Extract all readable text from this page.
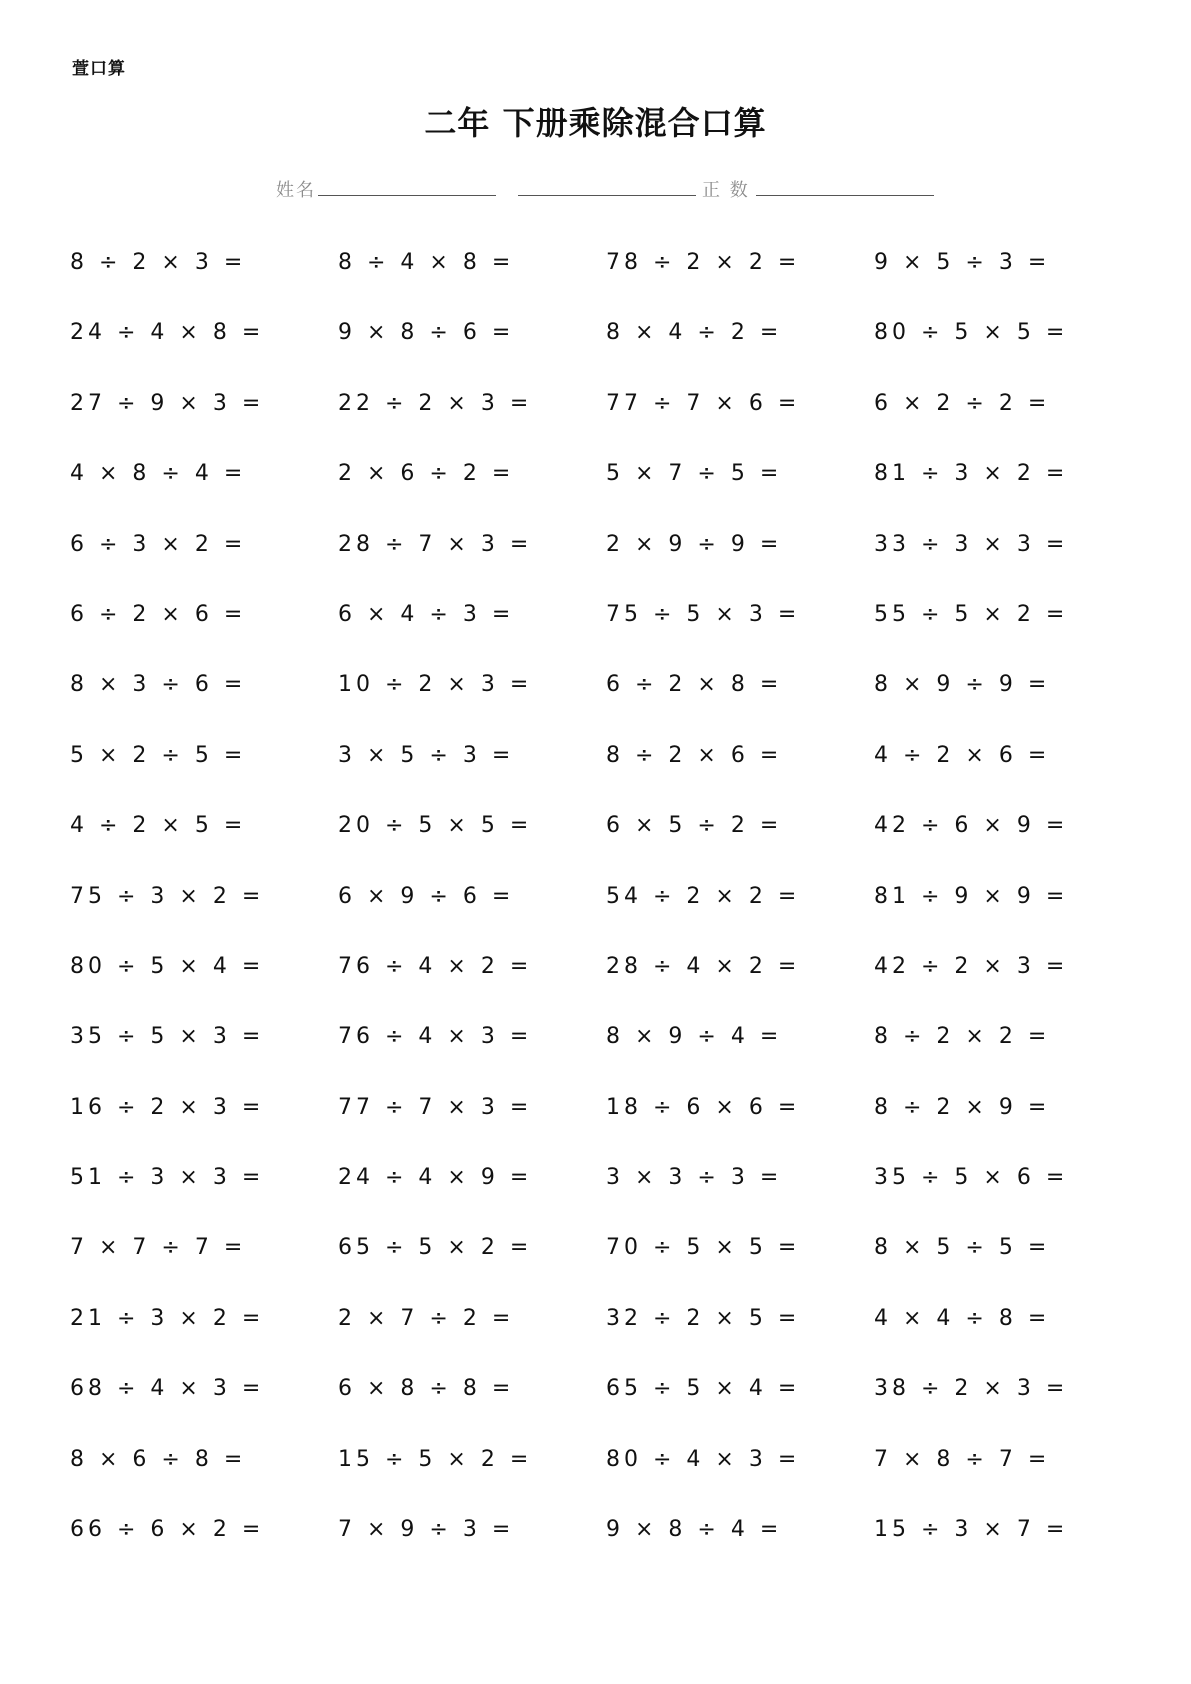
萱口算
二年 下册乘除混合口算
姓名	正 数
8 ÷ 2 × 3 =	8 ÷ 4 × 8 =	78 ÷ 2 × 2 =	9 × 5 ÷ 3 =
24 ÷ 4 × 8 =	9 × 8 ÷ 6 =	8 × 4 ÷ 2 =	80 ÷ 5 × 5 =
27 ÷ 9 × 3 =	22 ÷ 2 × 3 =	77 ÷ 7 × 6 =	6 × 2 ÷ 2 =
4 × 8 ÷ 4 =	2 × 6 ÷ 2 =	5 × 7 ÷ 5 =	81 ÷ 3 × 2 =
6 ÷ 3 × 2 =	28 ÷ 7 × 3 =	2 × 9 ÷ 9 =	33 ÷ 3 × 3 =
6 ÷ 2 × 6 =	6 × 4 ÷ 3 =	75 ÷ 5 × 3 =	55 ÷ 5 × 2 =
8 × 3 ÷ 6 =	10 ÷ 2 × 3 =	6 ÷ 2 × 8 =	8 × 9 ÷ 9 =
5 × 2 ÷ 5 =	3 × 5 ÷ 3 =	8 ÷ 2 × 6 =	4 ÷ 2 × 6 =
4 ÷ 2 × 5 =	20 ÷ 5 × 5 =	6 × 5 ÷ 2 =	42 ÷ 6 × 9 =
75 ÷ 3 × 2 =	6 × 9 ÷ 6 =	54 ÷ 2 × 2 =	81 ÷ 9 × 9 =
80 ÷ 5 × 4 =	76 ÷ 4 × 2 =	28 ÷ 4 × 2 =	42 ÷ 2 × 3 =
35 ÷ 5 × 3 =	76 ÷ 4 × 3 =	8 × 9 ÷ 4 =	8 ÷ 2 × 2 =
16 ÷ 2 × 3 =	77 ÷ 7 × 3 =	18 ÷ 6 × 6 =	8 ÷ 2 × 9 =
51 ÷ 3 × 3 =	24 ÷ 4 × 9 =	3 × 3 ÷ 3 =	35 ÷ 5 × 6 =
7 × 7 ÷ 7 =	65 ÷ 5 × 2 =	70 ÷ 5 × 5 =	8 × 5 ÷ 5 =
21 ÷ 3 × 2 =	2 × 7 ÷ 2 =	32 ÷ 2 × 5 =	4 × 4 ÷ 8 =
68 ÷ 4 × 3 =	6 × 8 ÷ 8 =	65 ÷ 5 × 4 =	38 ÷ 2 × 3 =
8 × 6 ÷ 8 =	15 ÷ 5 × 2 =	80 ÷ 4 × 3 =	7 × 8 ÷ 7 =
66 ÷ 6 × 2 =	7 × 9 ÷ 3 =	9 × 8 ÷ 4 =	15 ÷ 3 × 7 =
